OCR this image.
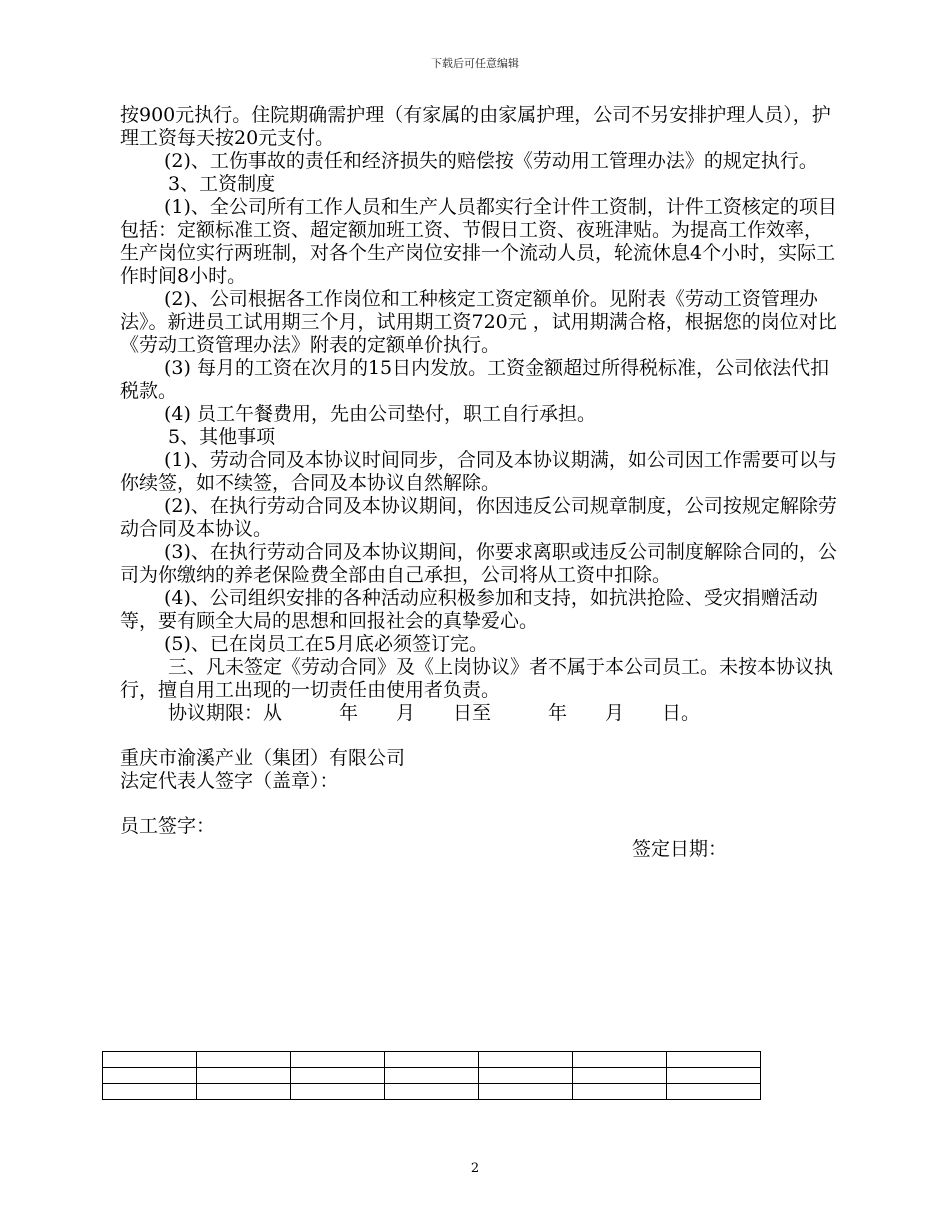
下载后可任意编辑

按900元执行。住院期确需护理（有家属的由家属护理，公司不另安排护理人员），护理工资每天按20元支付。

(2)、工伤事故的责任和经济损失的赔偿按《劳动用工管理办法》的规定执行。

3、工资制度

(1)、全公司所有工作人员和生产人员都实行全计件工资制，计件工资核定的项目包括：定额标准工资、超定额加班工资、节假日工资、夜班津贴。为提高工作效率，生产岗位实行两班制，对各个生产岗位安排一个流动人员，轮流休息4个小时，实际工作时间8小时。

(2)、公司根据各工作岗位和工种核定工资定额单价。见附表《劳动工资管理办法》。新进员工试用期三个月，试用期工资720元 ，试用期满合格，根据您的岗位对比《劳动工资管理办法》附表的定额单价执行。

(3) 每月的工资在次月的15日内发放。工资金额超过所得税标准，公司依法代扣税款。

(4) 员工午餐费用，先由公司垫付，职工自行承担。

5、其他事项

(1)、劳动合同及本协议时间同步，合同及本协议期满，如公司因工作需要可以与你续签，如不续签，合同及本协议自然解除。

(2)、在执行劳动合同及本协议期间，你因违反公司规章制度，公司按规定解除劳动合同及本协议。

(3)、在执行劳动合同及本协议期间，你要求离职或违反公司制度解除合同的，公司为你缴纳的养老保险费全部由自己承担，公司将从工资中扣除。

(4)、公司组织安排的各种活动应积极参加和支持，如抗洪抢险、受灾捐赠活动等，要有顾全大局的思想和回报社会的真挚爱心。

(5)、已在岗员工在5月底必须签订完。

三、凡未签定《劳动合同》及《上岗协议》者不属于本公司员工。未按本协议执行，擅自用工出现的一切责任由使用者负责。

协议期限：从　　　年　　月　　日至　　　年　　月　　日。

重庆市渝溪产业（集团）有限公司

法定代表人签字（盖章）：

员工签字：

签定日期：

2
